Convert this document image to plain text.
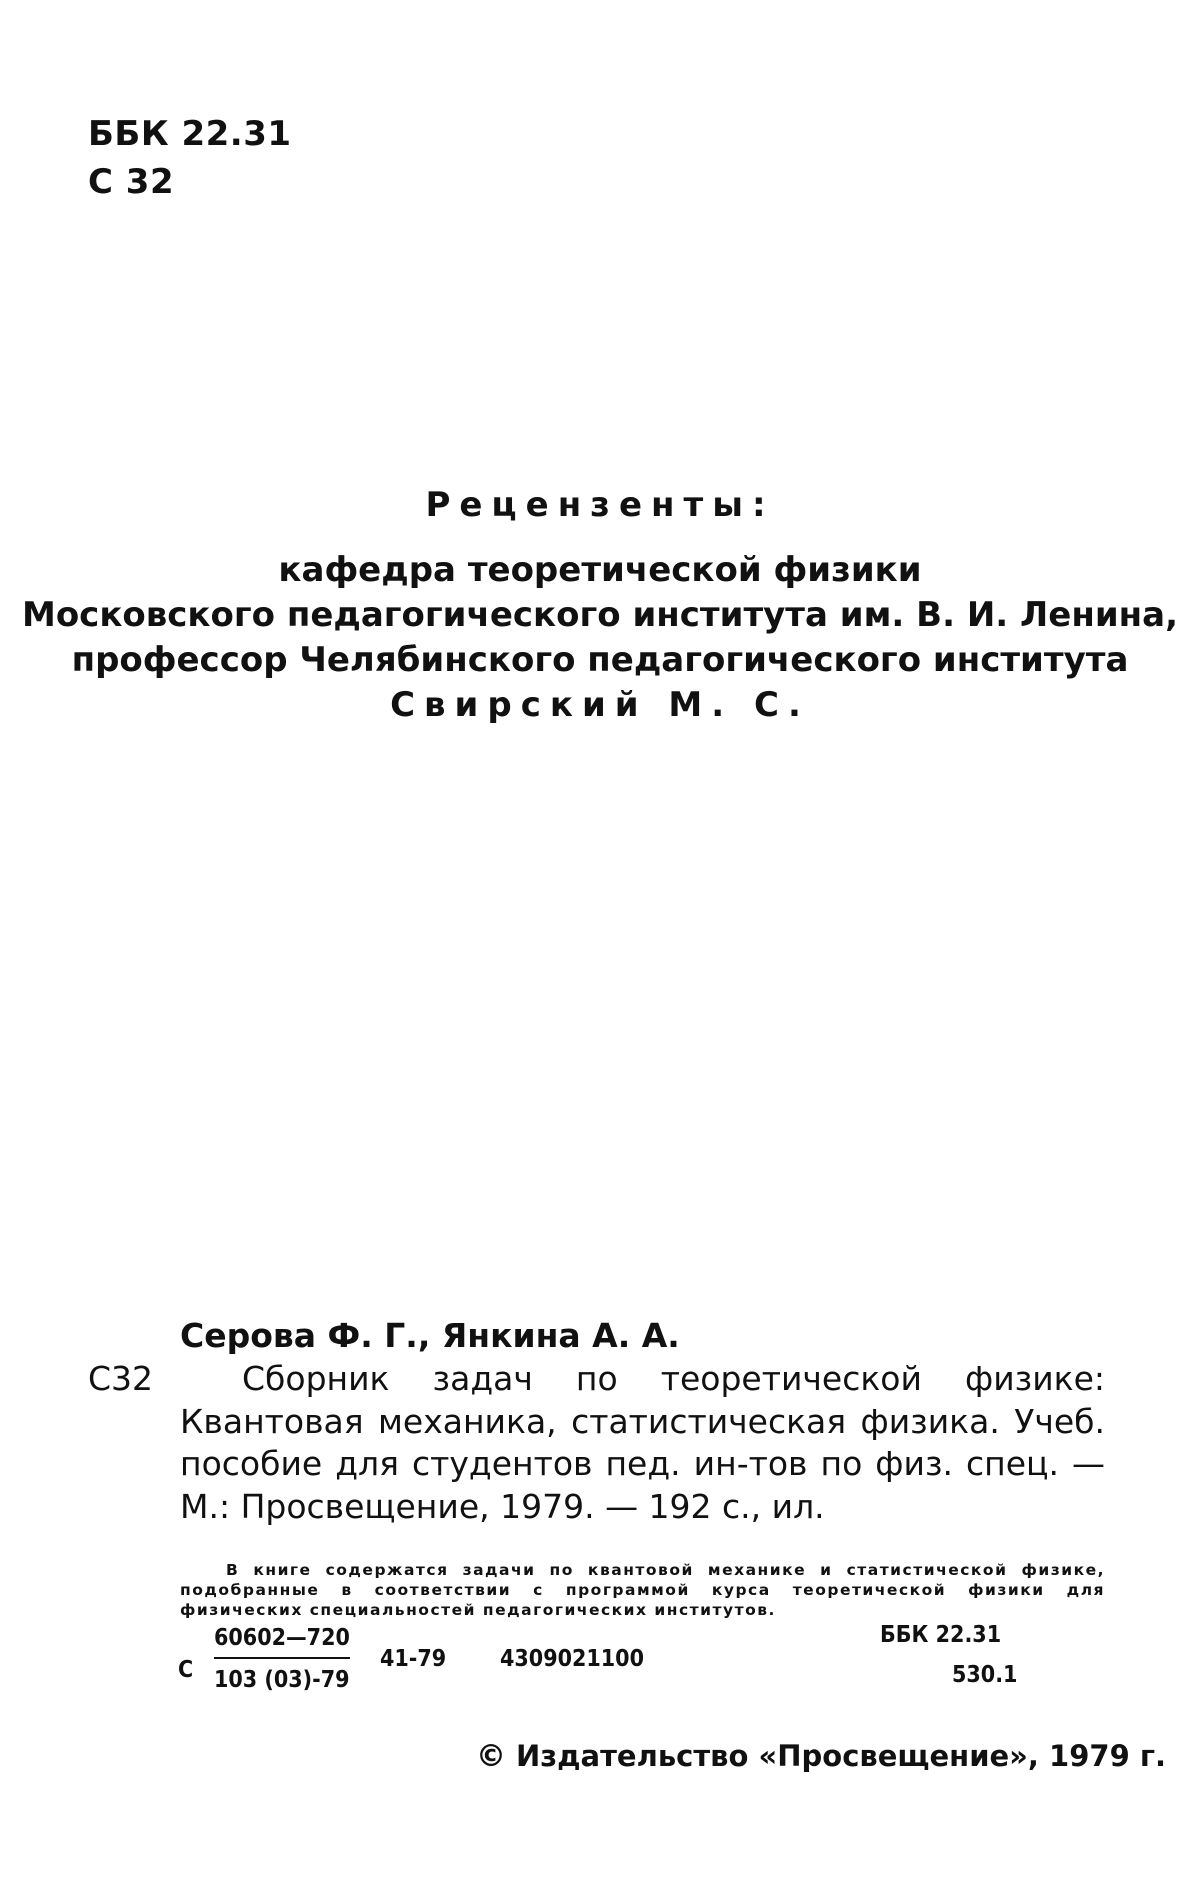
ББК 22.31
С 32
Рецензенты:
кафедра теоретической физики
Московского педагогического института им. В. И. Ленина,
профессор Челябинского педагогического института
Свирский М. С.
Серова Ф. Г., Янкина А. А.
С32	Сборник задач по теоретической физике: Квантовая механика, статистическая физика. Учеб. пособие для студентов пед. ин-тов по физ. спец. — М.: Просвещение, 1979. — 192 с., ил.
В книге содержатся задачи по квантовой механике и статистической физике, подобранные в соответствии с программой курса теоретической физики для физических специальностей педагогических институтов.
С $\frac{60602—720}{103 (03)-79} 41-79$ 4309021100
ББК 22.31
530.1
© Издательство «Просвещение», 1979 г.
